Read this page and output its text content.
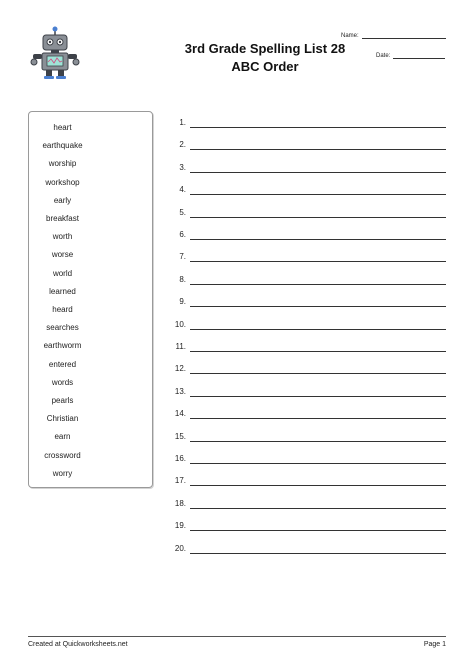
3rd Grade Spelling List 28
ABC Order
Name:
Date:
heart
earthquake
worship
workshop
early
breakfast
worth
worse
world
learned
heard
searches
earthworm
entered
words
pearls
Christian
earn
crossword
worry
1.
2.
3.
4.
5.
6.
7.
8.
9.
10.
11.
12.
13.
14.
15.
16.
17.
18.
19.
20.
Created at Quickworksheets.net	Page 1
